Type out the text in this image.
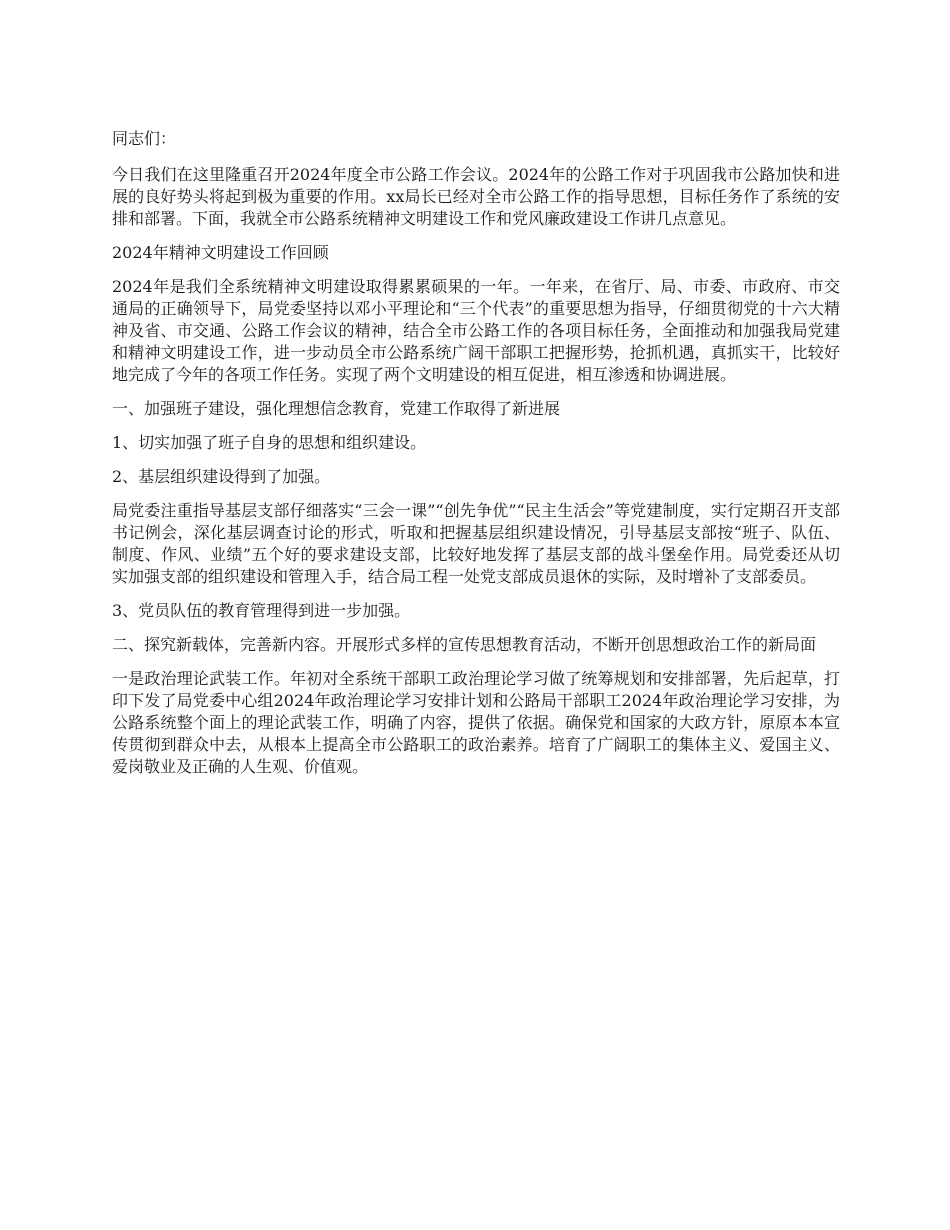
同志们：

今日我们在这里隆重召开2024年度全市公路工作会议。2024年的公路工作对于巩固我市公路加快和进展的良好势头将起到极为重要的作用。xx局长已经对全市公路工作的指导思想，目标任务作了系统的安排和部署。下面，我就全市公路系统精神文明建设工作和党风廉政建设工作讲几点意见。

2024年精神文明建设工作回顾

2024年是我们全系统精神文明建设取得累累硕果的一年。一年来，在省厅、局、市委、市政府、市交通局的正确领导下，局党委坚持以邓小平理论和“三个代表”的重要思想为指导，仔细贯彻党的十六大精神及省、市交通、公路工作会议的精神，结合全市公路工作的各项目标任务，全面推动和加强我局党建和精神文明建设工作，进一步动员全市公路系统广阔干部职工把握形势，抢抓机遇，真抓实干，比较好地完成了今年的各项工作任务。实现了两个文明建设的相互促进，相互渗透和协调进展。

一、加强班子建设，强化理想信念教育，党建工作取得了新进展

1、切实加强了班子自身的思想和组织建设。

2、基层组织建设得到了加强。

局党委注重指导基层支部仔细落实“三会一课”“创先争优”“民主生活会”等党建制度，实行定期召开支部书记例会，深化基层调查讨论的形式，听取和把握基层组织建设情况，引导基层支部按“班子、队伍、制度、作风、业绩”五个好的要求建设支部，比较好地发挥了基层支部的战斗堡垒作用。局党委还从切实加强支部的组织建设和管理入手，结合局工程一处党支部成员退休的实际，及时增补了支部委员。

3、党员队伍的教育管理得到进一步加强。

二、探究新载体，完善新内容。开展形式多样的宣传思想教育活动，不断开创思想政治工作的新局面

一是政治理论武装工作。年初对全系统干部职工政治理论学习做了统筹规划和安排部署，先后起草，打印下发了局党委中心组2024年政治理论学习安排计划和公路局干部职工2024年政治理论学习安排，为公路系统整个面上的理论武装工作，明确了内容，提供了依据。确保党和国家的大政方针，原原本本宣传贯彻到群众中去，从根本上提高全市公路职工的政治素养。培育了广阔职工的集体主义、爱国主义、爱岗敬业及正确的人生观、价值观。
